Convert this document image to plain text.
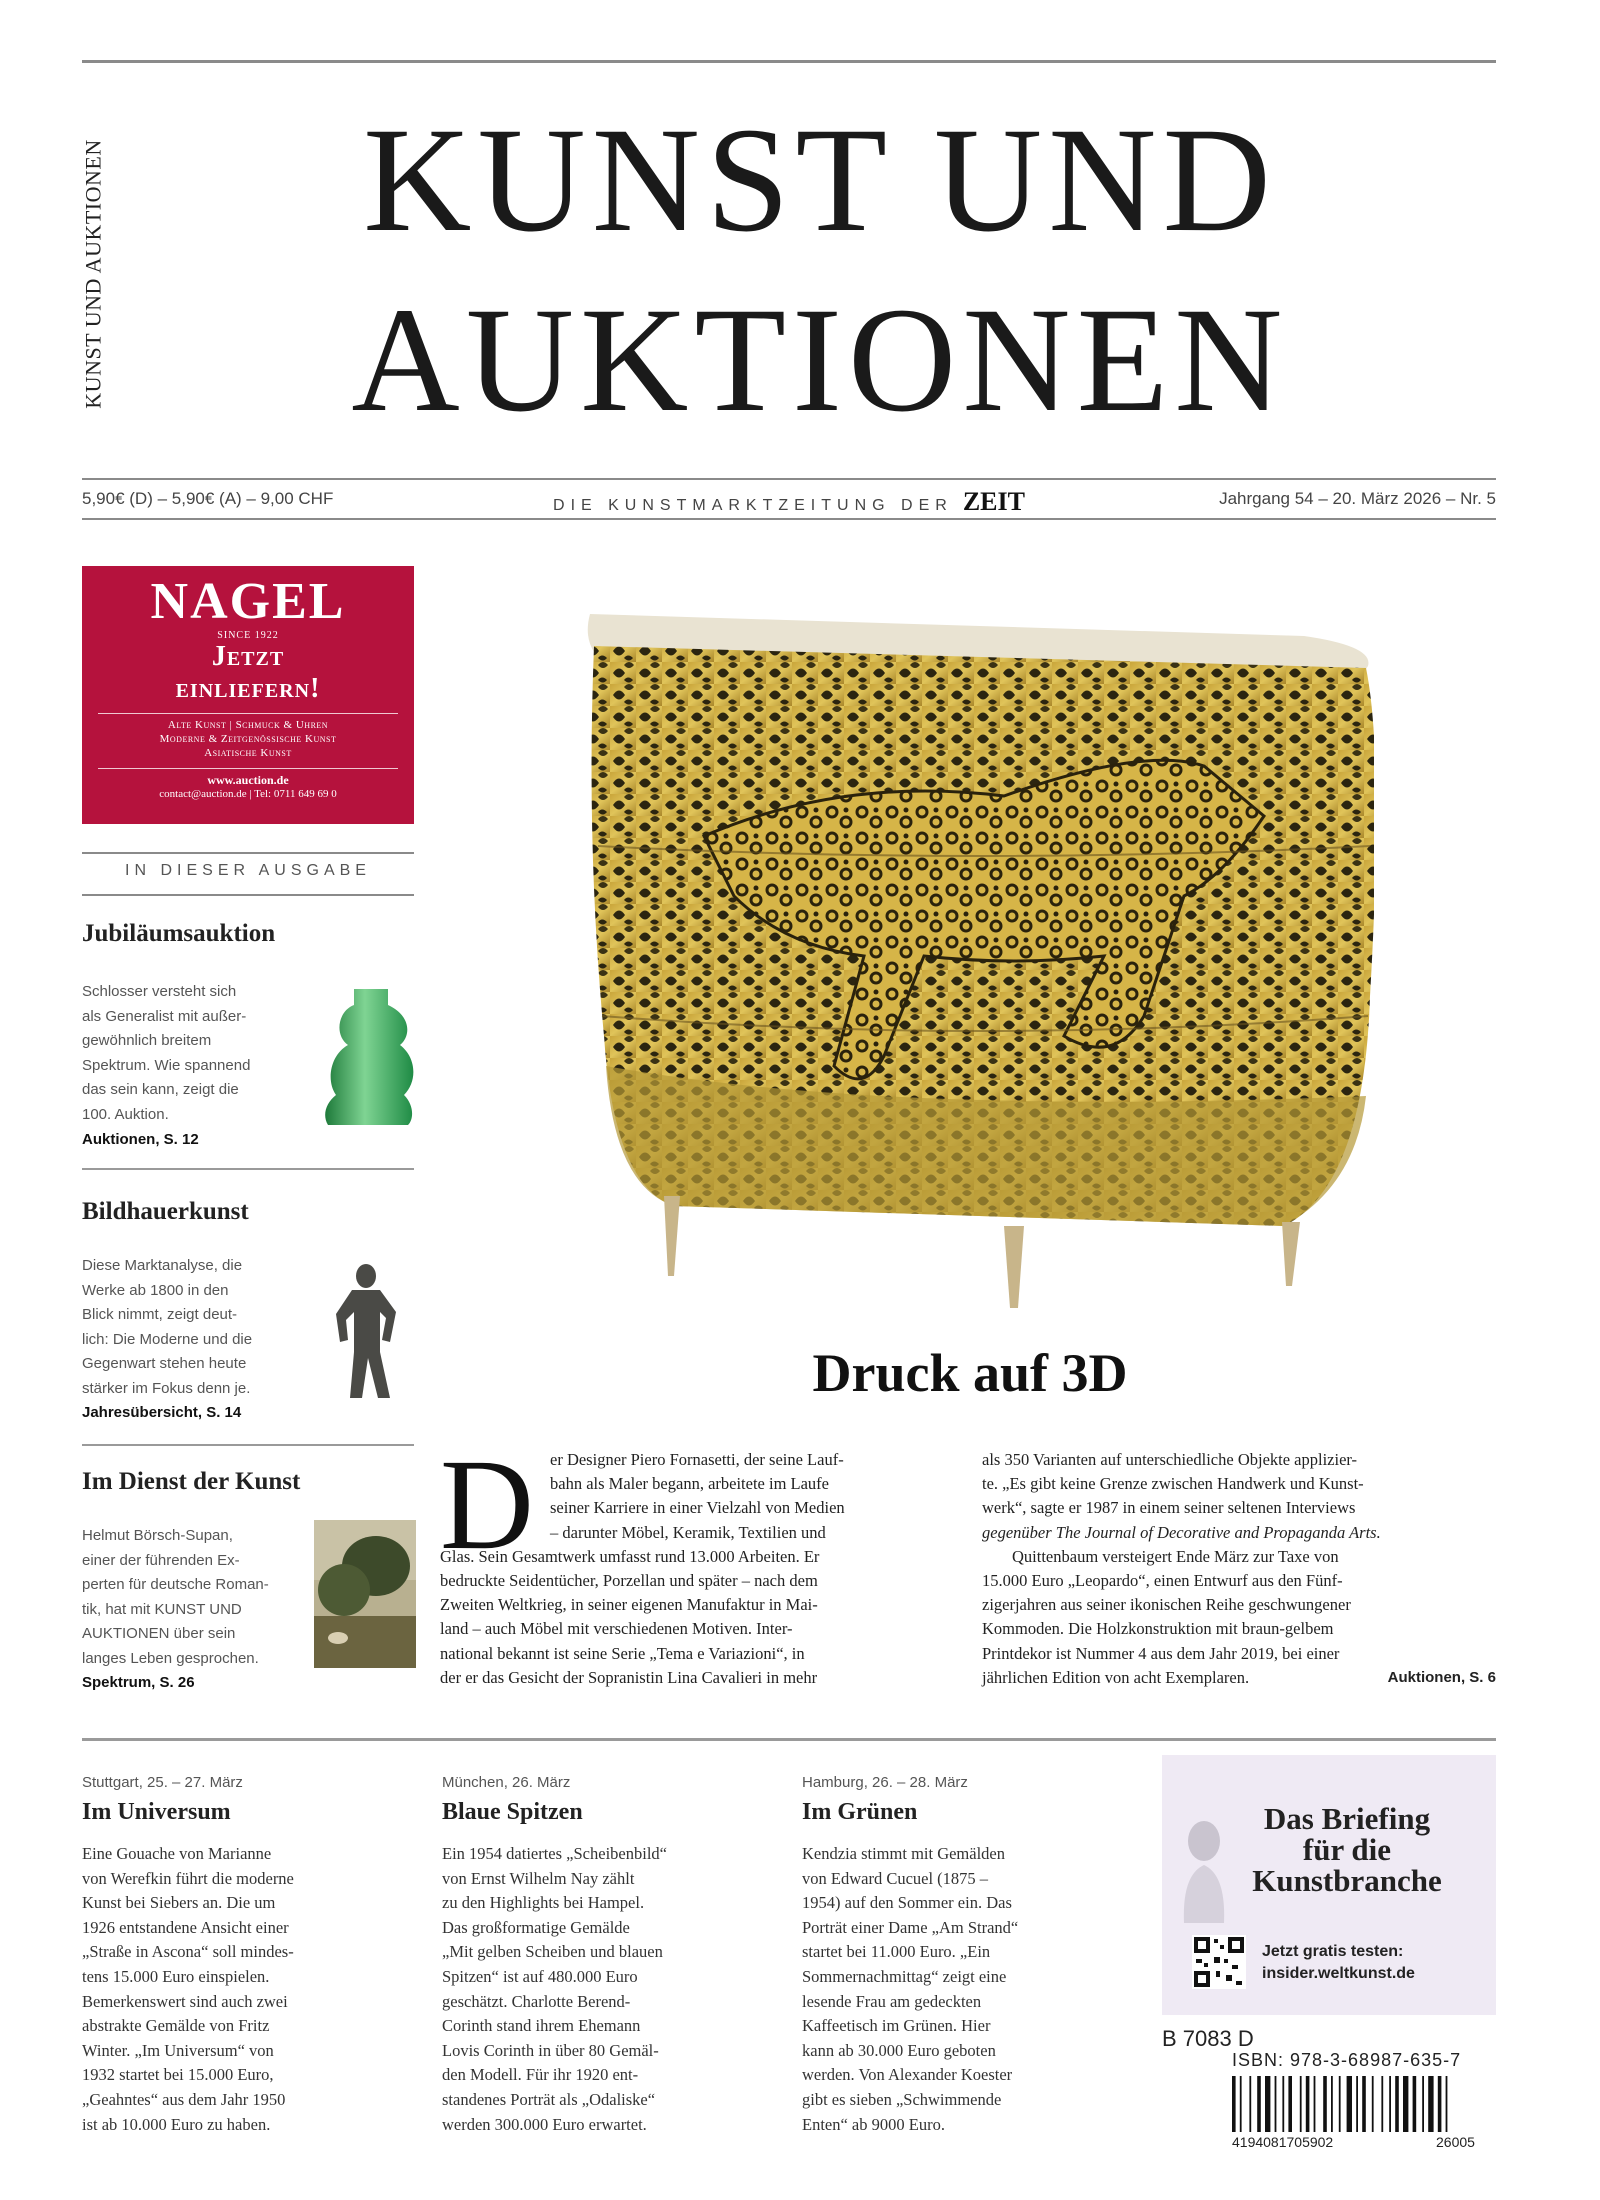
KUNST UND AUKTIONEN	KUNST UND
AUKTIONEN
5,90€ (D) – 5,90€ (A) – 9,00 CHF	DIE KUNSTMARKTZEITUNG DER ZEIT	Jahrgang 54 – 20. März 2026 – Nr. 5
NAGEL
SINCE 1922
Jetzt
einliefern!
Alte Kunst | Schmuck & Uhren
Moderne & Zeitgenössische Kunst
Asiatische Kunst
www.auction.de
contact@auction.de | Tel: 0711 649 69 0
IN DIESER AUSGABE
Jubiläumsauktion
Schlosser versteht sich
als Generalist mit außer-
gewöhnlich breitem
Spektrum. Wie spannend
das sein kann, zeigt die
100. Auktion.
Auktionen, S. 12
Bildhauerkunst
Diese Marktanalyse, die
Werke ab 1800 in den
Blick nimmt, zeigt deut-
lich: Die Moderne und die
Gegenwart stehen heute
stärker im Fokus denn je.
Jahresübersicht, S. 14
Im Dienst der Kunst
Helmut Börsch-Supan,
einer der führenden Ex-
perten für deutsche Roman-
tik, hat mit KUNST UND
AUKTIONEN über sein
langes Leben gesprochen.
Spektrum, S. 26
Druck auf 3D
D er Designer Piero Fornasetti, der seine Lauf-
bahn als Maler begann, arbeitete im Laufe
seiner Karriere in einer Vielzahl von Medien
– darunter Möbel, Keramik, Textilien und
Glas. Sein Gesamtwerk umfasst rund 13.000 Arbeiten. Er
bedruckte Seidentücher, Porzellan und später – nach dem
Zweiten Weltkrieg, in seiner eigenen Manufaktur in Mai-
land – auch Möbel mit verschiedenen Motiven. Inter-
national bekannt ist seine Serie „Tema e Variazioni“, in
der er das Gesicht der Sopranistin Lina Cavalieri in mehr
als 350 Varianten auf unterschiedliche Objekte applizier-
te. „Es gibt keine Grenze zwischen Handwerk und Kunst-
werk“, sagte er 1987 in einem seiner seltenen Interviews
gegenüber The Journal of Decorative and Propaganda Arts.
Quittenbaum versteigert Ende März zur Taxe von
15.000 Euro „Leopardo“, einen Entwurf aus den Fünf-
zigerjahren aus seiner ikonischen Reihe geschwungener
Kommoden. Die Holzkonstruktion mit braun-gelbem
Printdekor ist Nummer 4 aus dem Jahr 2019, bei einer
jährlichen Edition von acht Exemplaren.	Auktionen, S. 6
Stuttgart, 25. – 27. März
Im Universum
Eine Gouache von Marianne
von Werefkin führt die moderne
Kunst bei Siebers an. Die um
1926 entstandene Ansicht einer
„Straße in Ascona“ soll mindes-
tens 15.000 Euro einspielen.
Bemerkenswert sind auch zwei
abstrakte Gemälde von Fritz
Winter. „Im Universum“ von
1932 startet bei 15.000 Euro,
„Geahntes“ aus dem Jahr 1950
ist ab 10.000 Euro zu haben.
München, 26. März
Blaue Spitzen
Ein 1954 datiertes „Scheibenbild“
von Ernst Wilhelm Nay zählt
zu den Highlights bei Hampel.
Das großformatige Gemälde
„Mit gelben Scheiben und blauen
Spitzen“ ist auf 480.000 Euro
geschätzt. Charlotte Berend-
Corinth stand ihrem Ehemann
Lovis Corinth in über 80 Gemäl-
den Modell. Für ihr 1920 ent-
standenes Porträt als „Odaliske“
werden 300.000 Euro erwartet.
Hamburg, 26. – 28. März
Im Grünen
Kendzia stimmt mit Gemälden
von Edward Cucuel (1875 –
1954) auf den Sommer ein. Das
Porträt einer Dame „Am Strand“
startet bei 11.000 Euro. „Ein
Sommernachmittag“ zeigt eine
lesende Frau am gedeckten
Kaffeetisch im Grünen. Hier
kann ab 30.000 Euro geboten
werden. Von Alexander Koester
gibt es sieben „Schwimmende
Enten“ ab 9000 Euro.
Das Briefing
für die
Kunstbranche
Jetzt gratis testen:
insider.weltkunst.de
B 7083 D
ISBN: 978-3-68987-635-7
4194081705902	26005
